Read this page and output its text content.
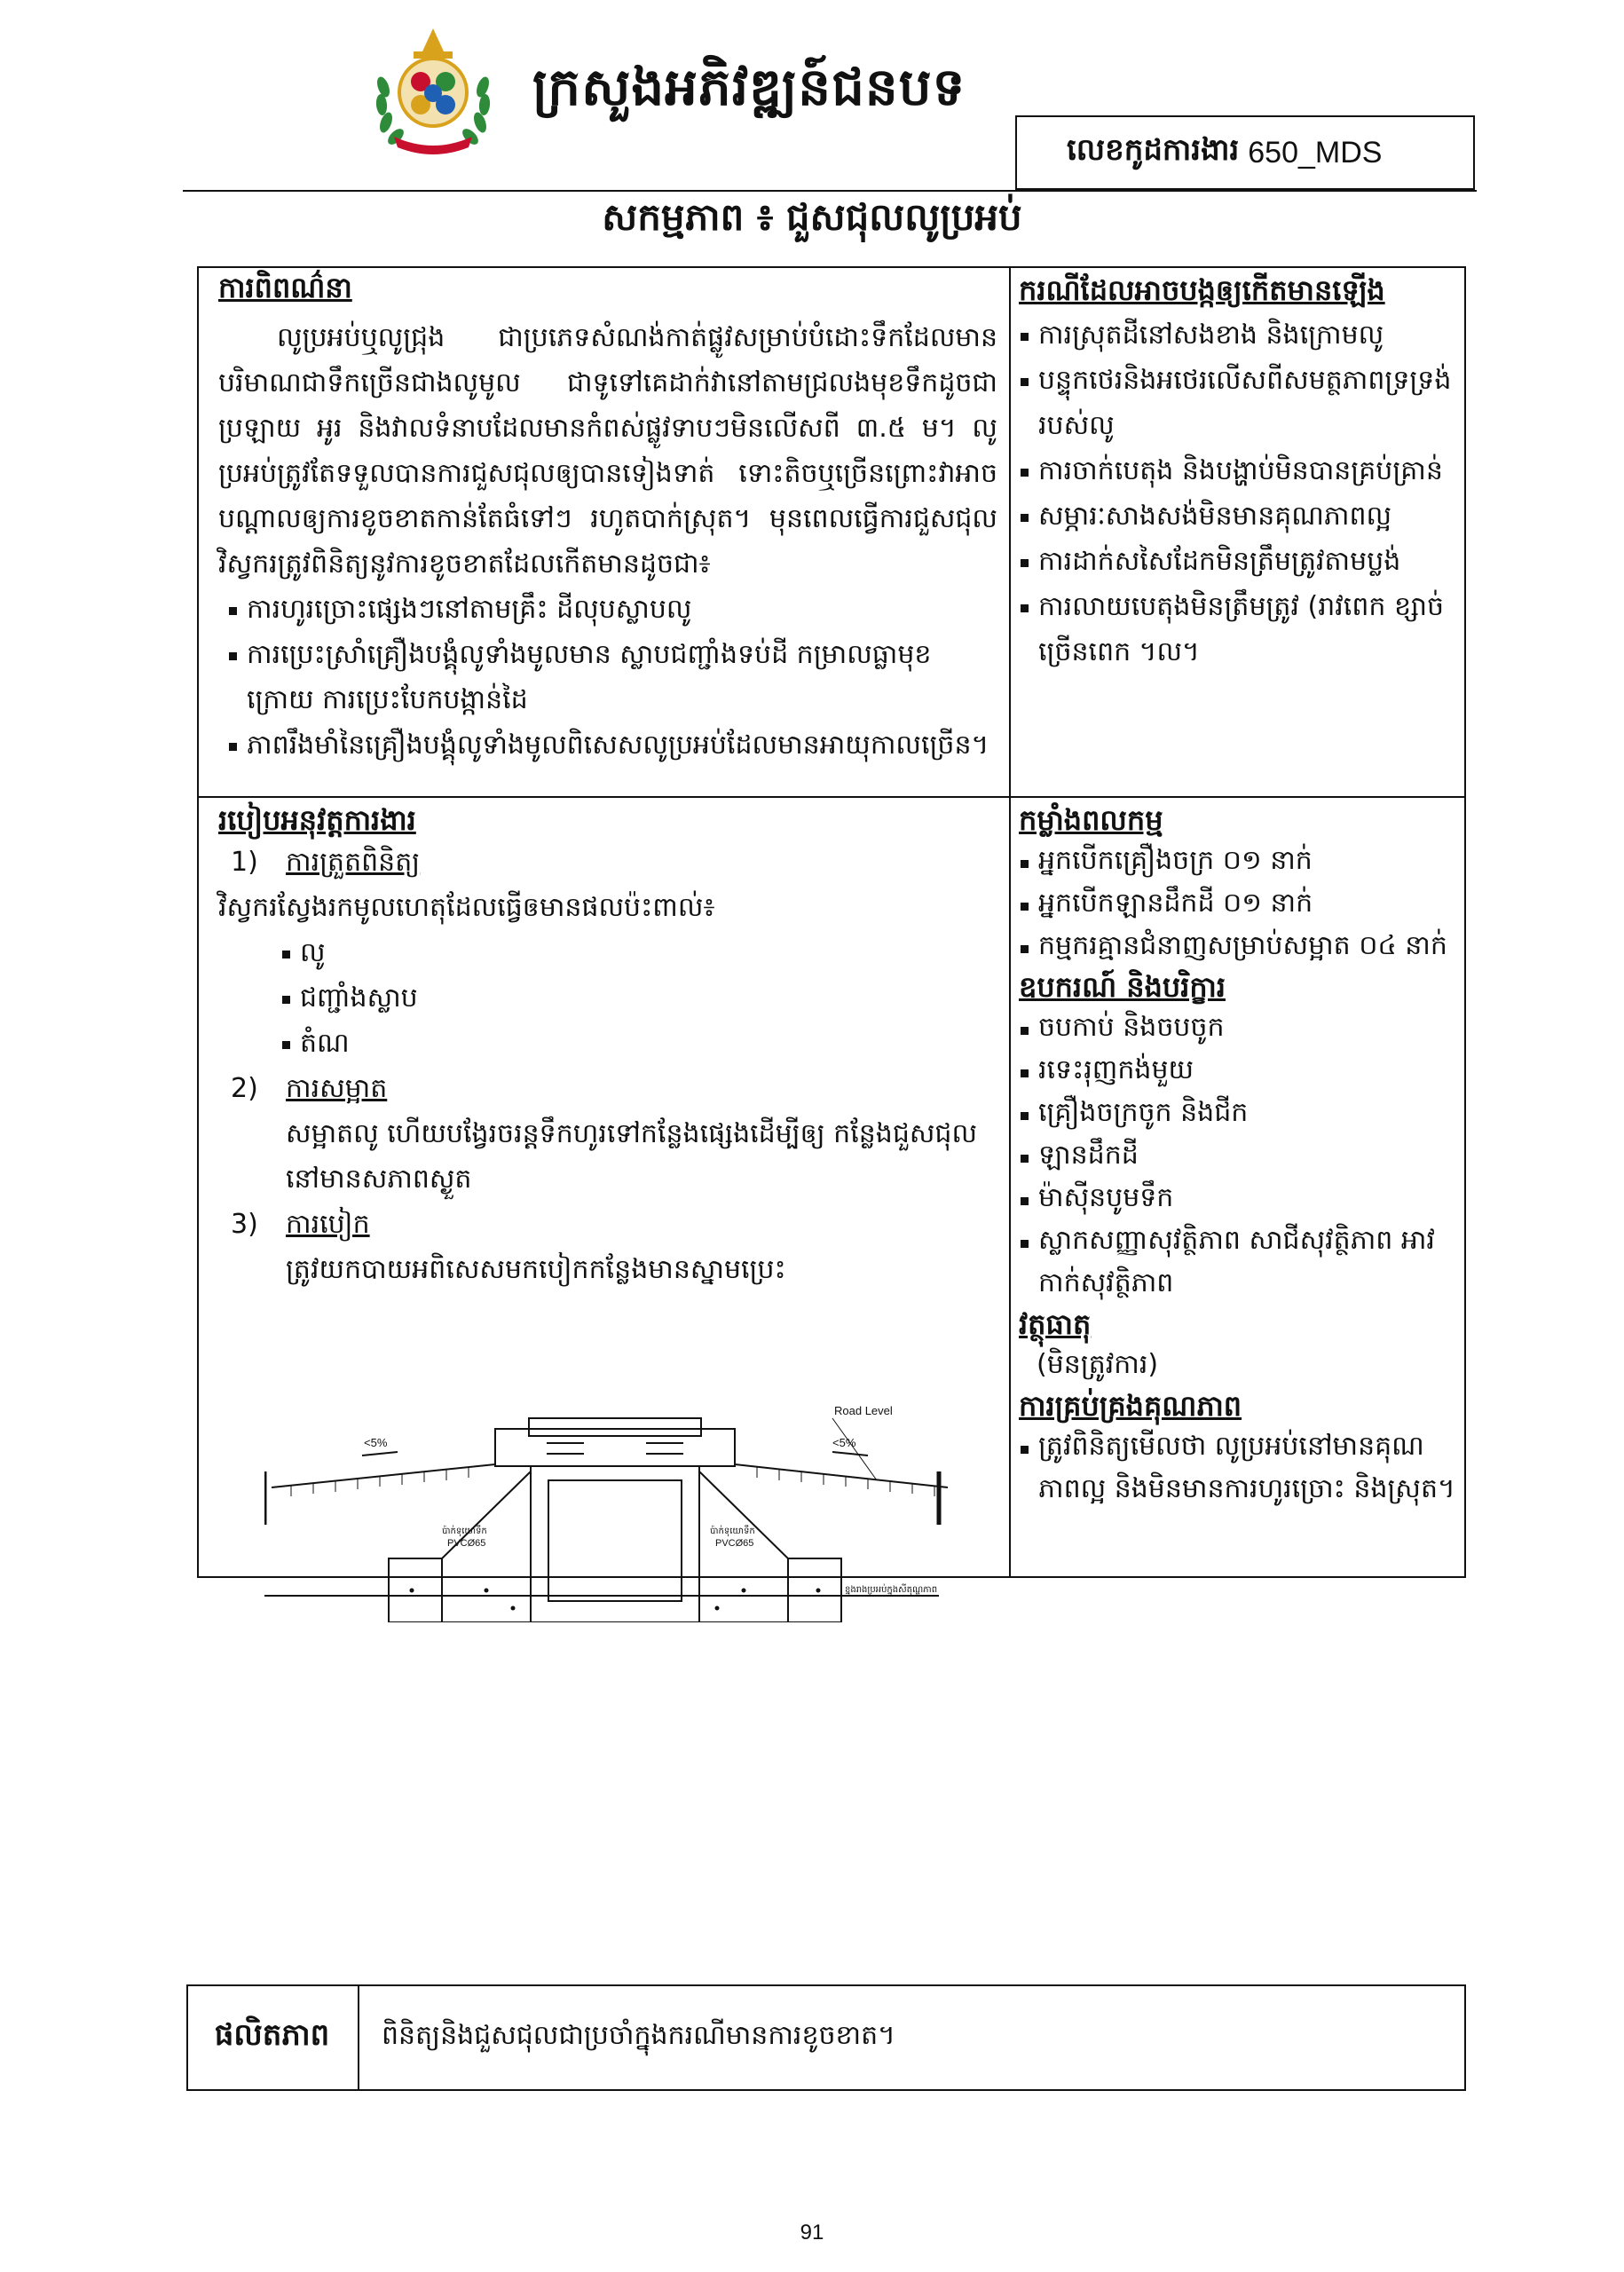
ក្រសួងអភិវឌ្ឍន៍ជនបទ
លេខកូដការងារ 650_MDS
សកម្មភាព ៖ ជួសជុលលូប្រអប់
ការពិពណ៌នា
លូប្រអប់ឬលូជ្រុង ជាប្រភេទសំណង់កាត់ផ្លូវសម្រាប់បំដោះទឹកដែលមានបរិមាណជាទឹកច្រើនជាងលូមូល ជាទូទៅគេដាក់វានៅតាមជ្រលងមុខទឹកដូចជា ប្រឡាយ អូរ និងវាលទំនាបដែលមានកំពស់ផ្លូវទាបៗមិនលើសពី ៣.៥ ម។ លូប្រអប់ត្រូវតែទទួលបានការជួសជុលឲ្យបានទៀងទាត់ ទោះតិចឬច្រើនព្រោះវាអាចបណ្តាលឲ្យការខូចខាតកាន់តែធំទៅៗ រហូតបាក់ស្រុត។ មុនពេលធ្វើការជួសជុល វិស្វករត្រូវពិនិត្យនូវការខូចខាតដែលកើតមានដូចជា៖
ការហូរច្រោះផ្សេងៗនៅតាមគ្រឹះ ដីលុបស្លាបលូ
ការប្រេះស្រាំគ្រឿងបង្គុំលូទាំងមូលមាន ស្លាបជញ្ជាំងទប់ដី កម្រាលធ្លាមុខក្រោយ ការប្រេះបែកបង្កាន់ដៃ
ភាពរឹងមាំនៃគ្រឿងបង្គុំលូទាំងមូលពិសេសលូប្រអប់ដែលមានអាយុកាលច្រើន។
ករណីដែលអាចបង្កឲ្យកើតមានឡើង
ការស្រុតដីនៅសងខាង និងក្រោមលូ
បន្ទុកថេរនិងអថេរលើសពីសមត្ថភាពទ្រទ្រង់របស់លូ
ការចាក់បេតុង និងបង្ហាប់មិនបានគ្រប់គ្រាន់
សម្ភារៈសាងសង់មិនមានគុណភាពល្អ
ការដាក់សសៃដែកមិនត្រឹមត្រូវតាមប្លង់
ការលាយបេតុងមិនត្រឹមត្រូវ (រាវពេក ខ្សាច់ច្រើនពេក ។ល។
របៀបអនុវត្តការងារ
1) ការត្រួតពិនិត្យ
វិស្វករស្វែងរកមូលហេតុដែលធ្វើឲមានផលប៉ះពាល់៖
លូ
ជញ្ជាំងស្លាប
តំណ
2) ការសម្អាត
សម្អាតលូ ហើយបង្វែរចរន្តទឹកហូរទៅកន្លែងផ្សេងដើម្បីឲ្យ កន្លែងជួសជុលនៅមានសភាពស្ងួត
3) ការបៀក
ត្រូវយកបាយអពិសេសមកបៀកកន្លែងមានស្នាមប្រេះ
<5%	<5%
Road Level
ប៉ាក់ទុយោទឹក
PVCØ65
ប៉ាក់ទុយោទឹក
PVCØ65
ខ្នងរាងប្រអប់ក្នុងសីតុណ្ហភាព
កម្លាំងពលកម្ម
អ្នកបើកគ្រឿងចក្រ ០១ នាក់
អ្នកបើកឡានដឹកដី ០១ នាក់
កម្មករគ្មានជំនាញសម្រាប់សម្អាត ០៤ នាក់
ឧបករណ៍ និងបរិក្ខារ
ចបកាប់ និងចបចូក
រទេះរុញកង់មួយ
គ្រឿងចក្រចូក និងជីក
ឡានដឹកដី
ម៉ាស៊ីនបូមទឹក
ស្លាកសញ្ញាសុវត្ថិភាព សាជីសុវត្ថិភាព អាវកាក់សុវត្ថិភាព
វត្ថុធាតុ
(មិនត្រូវការ)
ការគ្រប់គ្រងគុណភាព
ត្រូវពិនិត្យមើលថា លូប្រអប់នៅមានគុណភាពល្អ និងមិនមានការហូរច្រោះ និងស្រុត។
ផលិតភាព	ពិនិត្យនិងជួសជុលជាប្រចាំក្នុងករណីមានការខូចខាត។
91
